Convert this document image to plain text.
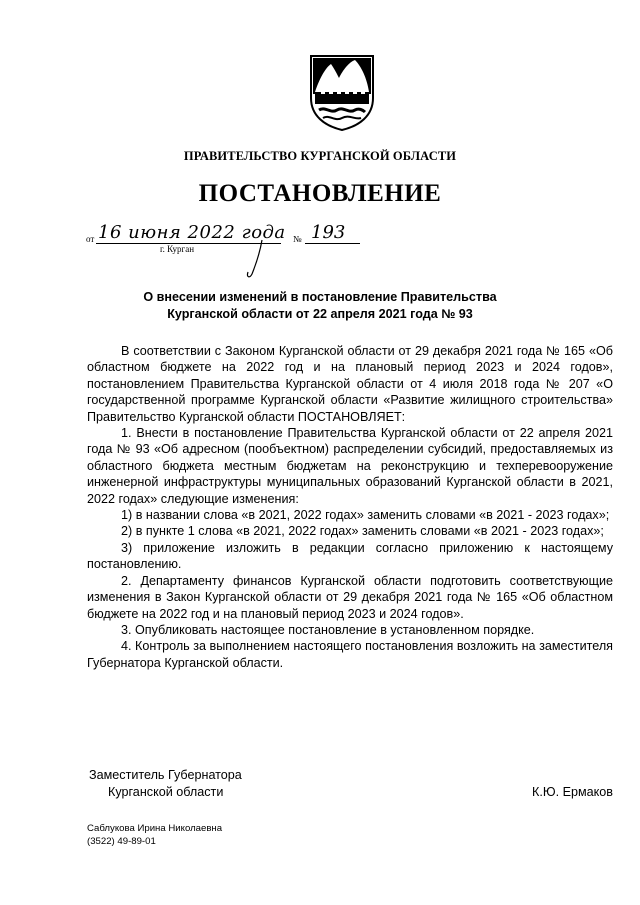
ПРАВИТЕЛЬСТВО КУРГАНСКОЙ ОБЛАСТИ
ПОСТАНОВЛЕНИЕ
от 16 июня 2022 года № 193
г. Курган
О внесении изменений в постановление Правительства
Курганской области от 22 апреля 2021 года № 93

В соответствии с Законом Курганской области от 29 декабря 2021 года № 165 «Об областном бюджете на 2022 год и на плановый период 2023 и 2024 годов», постановлением Правительства Курганской области от 4 июля 2018 года № 207 «О государственной программе Курганской области «Развитие жилищного строительства» Правительство Курганской области ПОСТАНОВЛЯЕТ:

1. Внести в постановление Правительства Курганской области от 22 апреля 2021 года № 93 «Об адресном (пообъектном) распределении субсидий, предоставляемых из областного бюджета местным бюджетам на реконструкцию и техперевооружение инженерной инфраструктуры муниципальных образований Курганской области в 2021, 2022 годах» следующие изменения:

1) в названии слова «в 2021, 2022 годах» заменить словами «в 2021 - 2023 годах»;

2) в пункте 1 слова «в 2021, 2022 годах» заменить словами «в 2021 - 2023 годах»;

3) приложение изложить в редакции согласно приложению к настоящему постановлению.

2. Департаменту финансов Курганской области подготовить соответствующие изменения в Закон Курганской области от 29 декабря 2021 года № 165 «Об областном бюджете на 2022 год и на плановый период 2023 и 2024 годов».

3. Опубликовать настоящее постановление в установленном порядке.

4. Контроль за выполнением настоящего постановления возложить на заместителя Губернатора Курганской области.

Заместитель Губернатора
Курганской области	К.Ю. Ермаков
Саблукова Ирина Николаевна
(3522) 49-89-01
